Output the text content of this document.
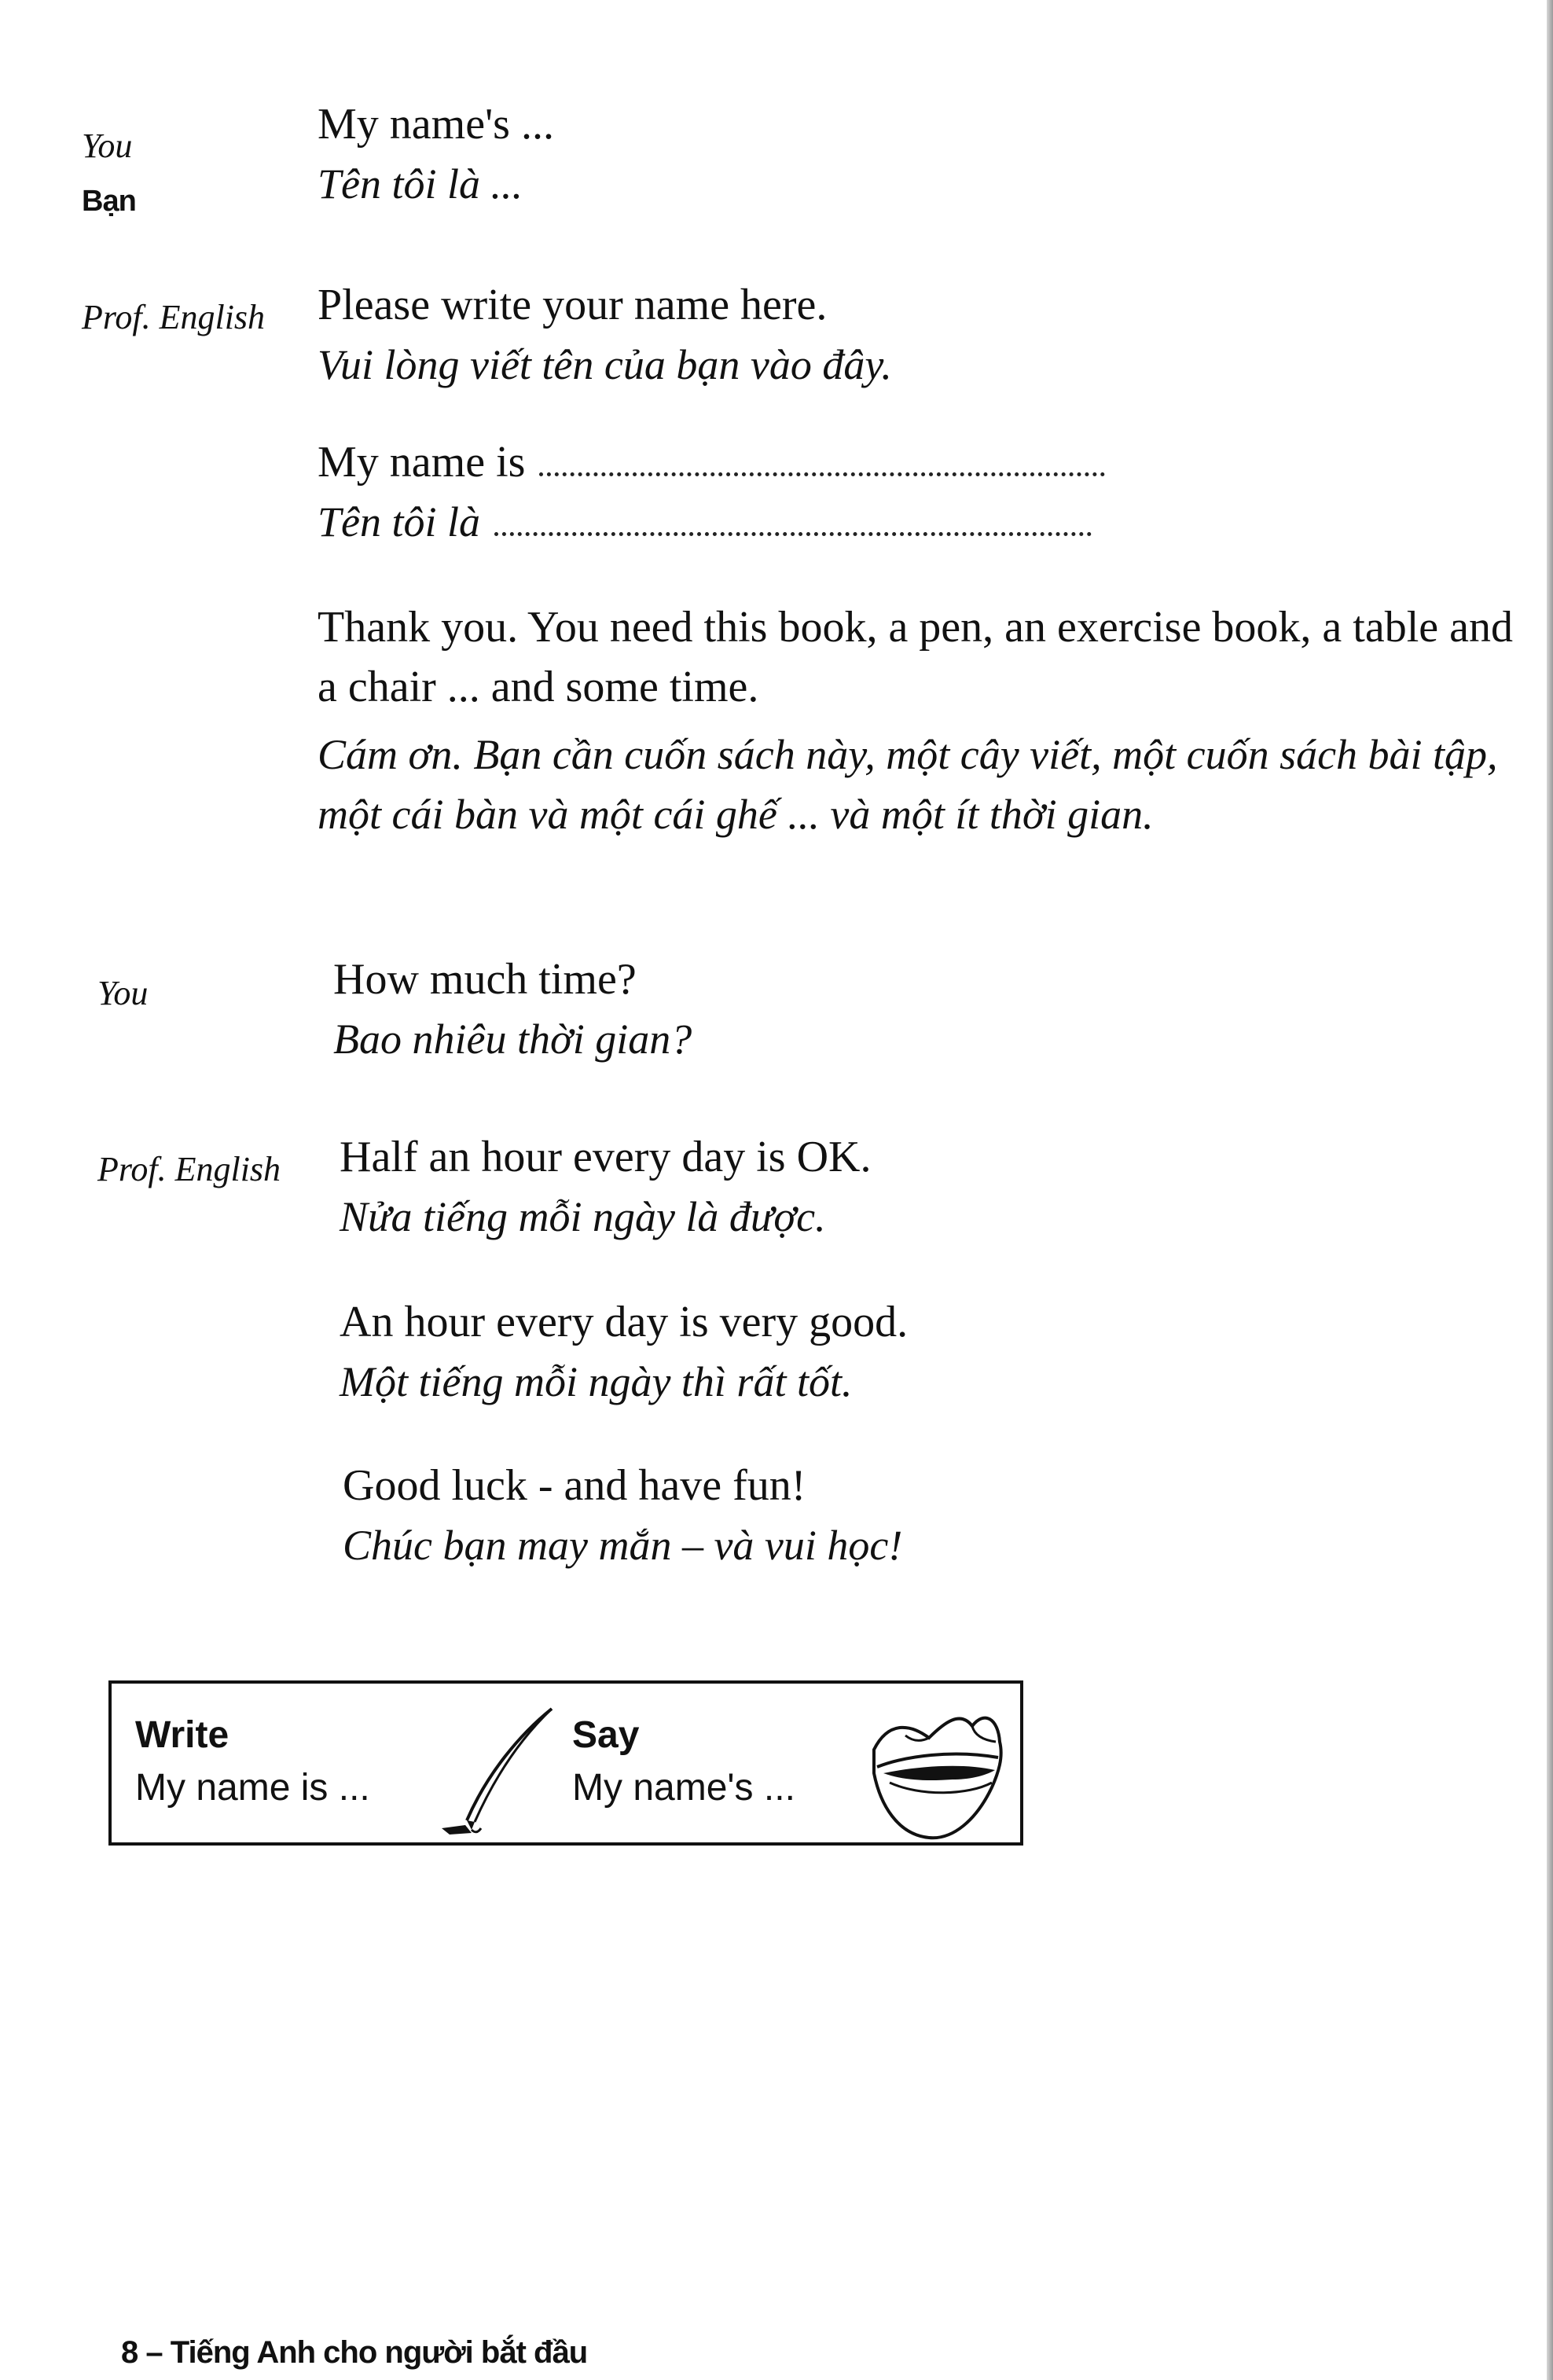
You
Bạn
My name's ...
Tên tôi là ...
Prof. English Please write your name here.
Vui lòng viết tên của bạn vào đây.
My name is
Tên tôi là
Thank you. You need this book, a pen, an exercise book, a table and a chair ... and some time.
Cám ơn. Bạn cần cuốn sách này, một cây viết, một cuốn sách bài tập, một cái bàn và một cái ghế ... và một ít thời gian.
You	How much time?
Bao nhiêu thời gian?
Prof. English Half an hour every day is OK.
Nửa tiếng mỗi ngày là được.
An hour every day is very good.
Một tiếng mỗi ngày thì rất tốt.
Good luck - and have fun!
Chúc bạn may mắn – và vui học!
Write
My name is ...
Say
My name's ...
8 – Tiếng Anh cho người bắt đầu
